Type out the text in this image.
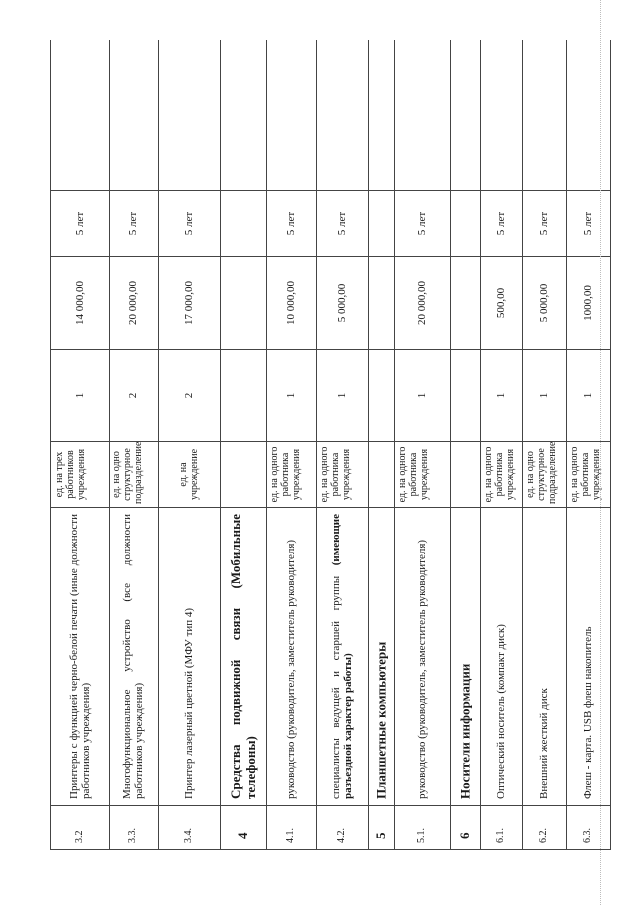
3.2
Принтеры с функцией черно-белой печати (иные должности работников учреждения)
ед. на трех работников учреждения
1
14 000,00
5 лет
3.3.
Многофункциональное устройство (все должности работников учреждения)
ед. на одно структурное подразделение
2
20 000,00
5 лет
3.4.
Принтер лазерный цветной (МФУ тип 4)
ед. на учреждение
2
17 000,00
5 лет
4
Средства подвижной связи (Мобильные телефоны)
4.1.
руководство (руководитель, заместитель руководителя)
ед. на одного работника учреждения
1
10 000,00
5 лет
4.2.
специалисты ведущей и старшей группы (имеющие разъездной характер работы)
ед. на одного работника учреждения
1
5 000,00
5 лет
5
Планшетные компьютеры
5.1.
руководство (руководитель, заместитель руководителя)
ед. на одного работника учреждения
1
20 000,00
5 лет
6
Носители информации
6.1.
Оптический носитель (компакт диск)
ед. на одного работника учреждения
1
500,00
5 лет
6.2.
Внешний жесткий диск
ед. на одно структурное подразделение
1
5 000,00
5 лет
6.3.
Флеш - карта. USB флеш накопитель
ед. на одного работника учреждения
1
1000,00
5 лет
